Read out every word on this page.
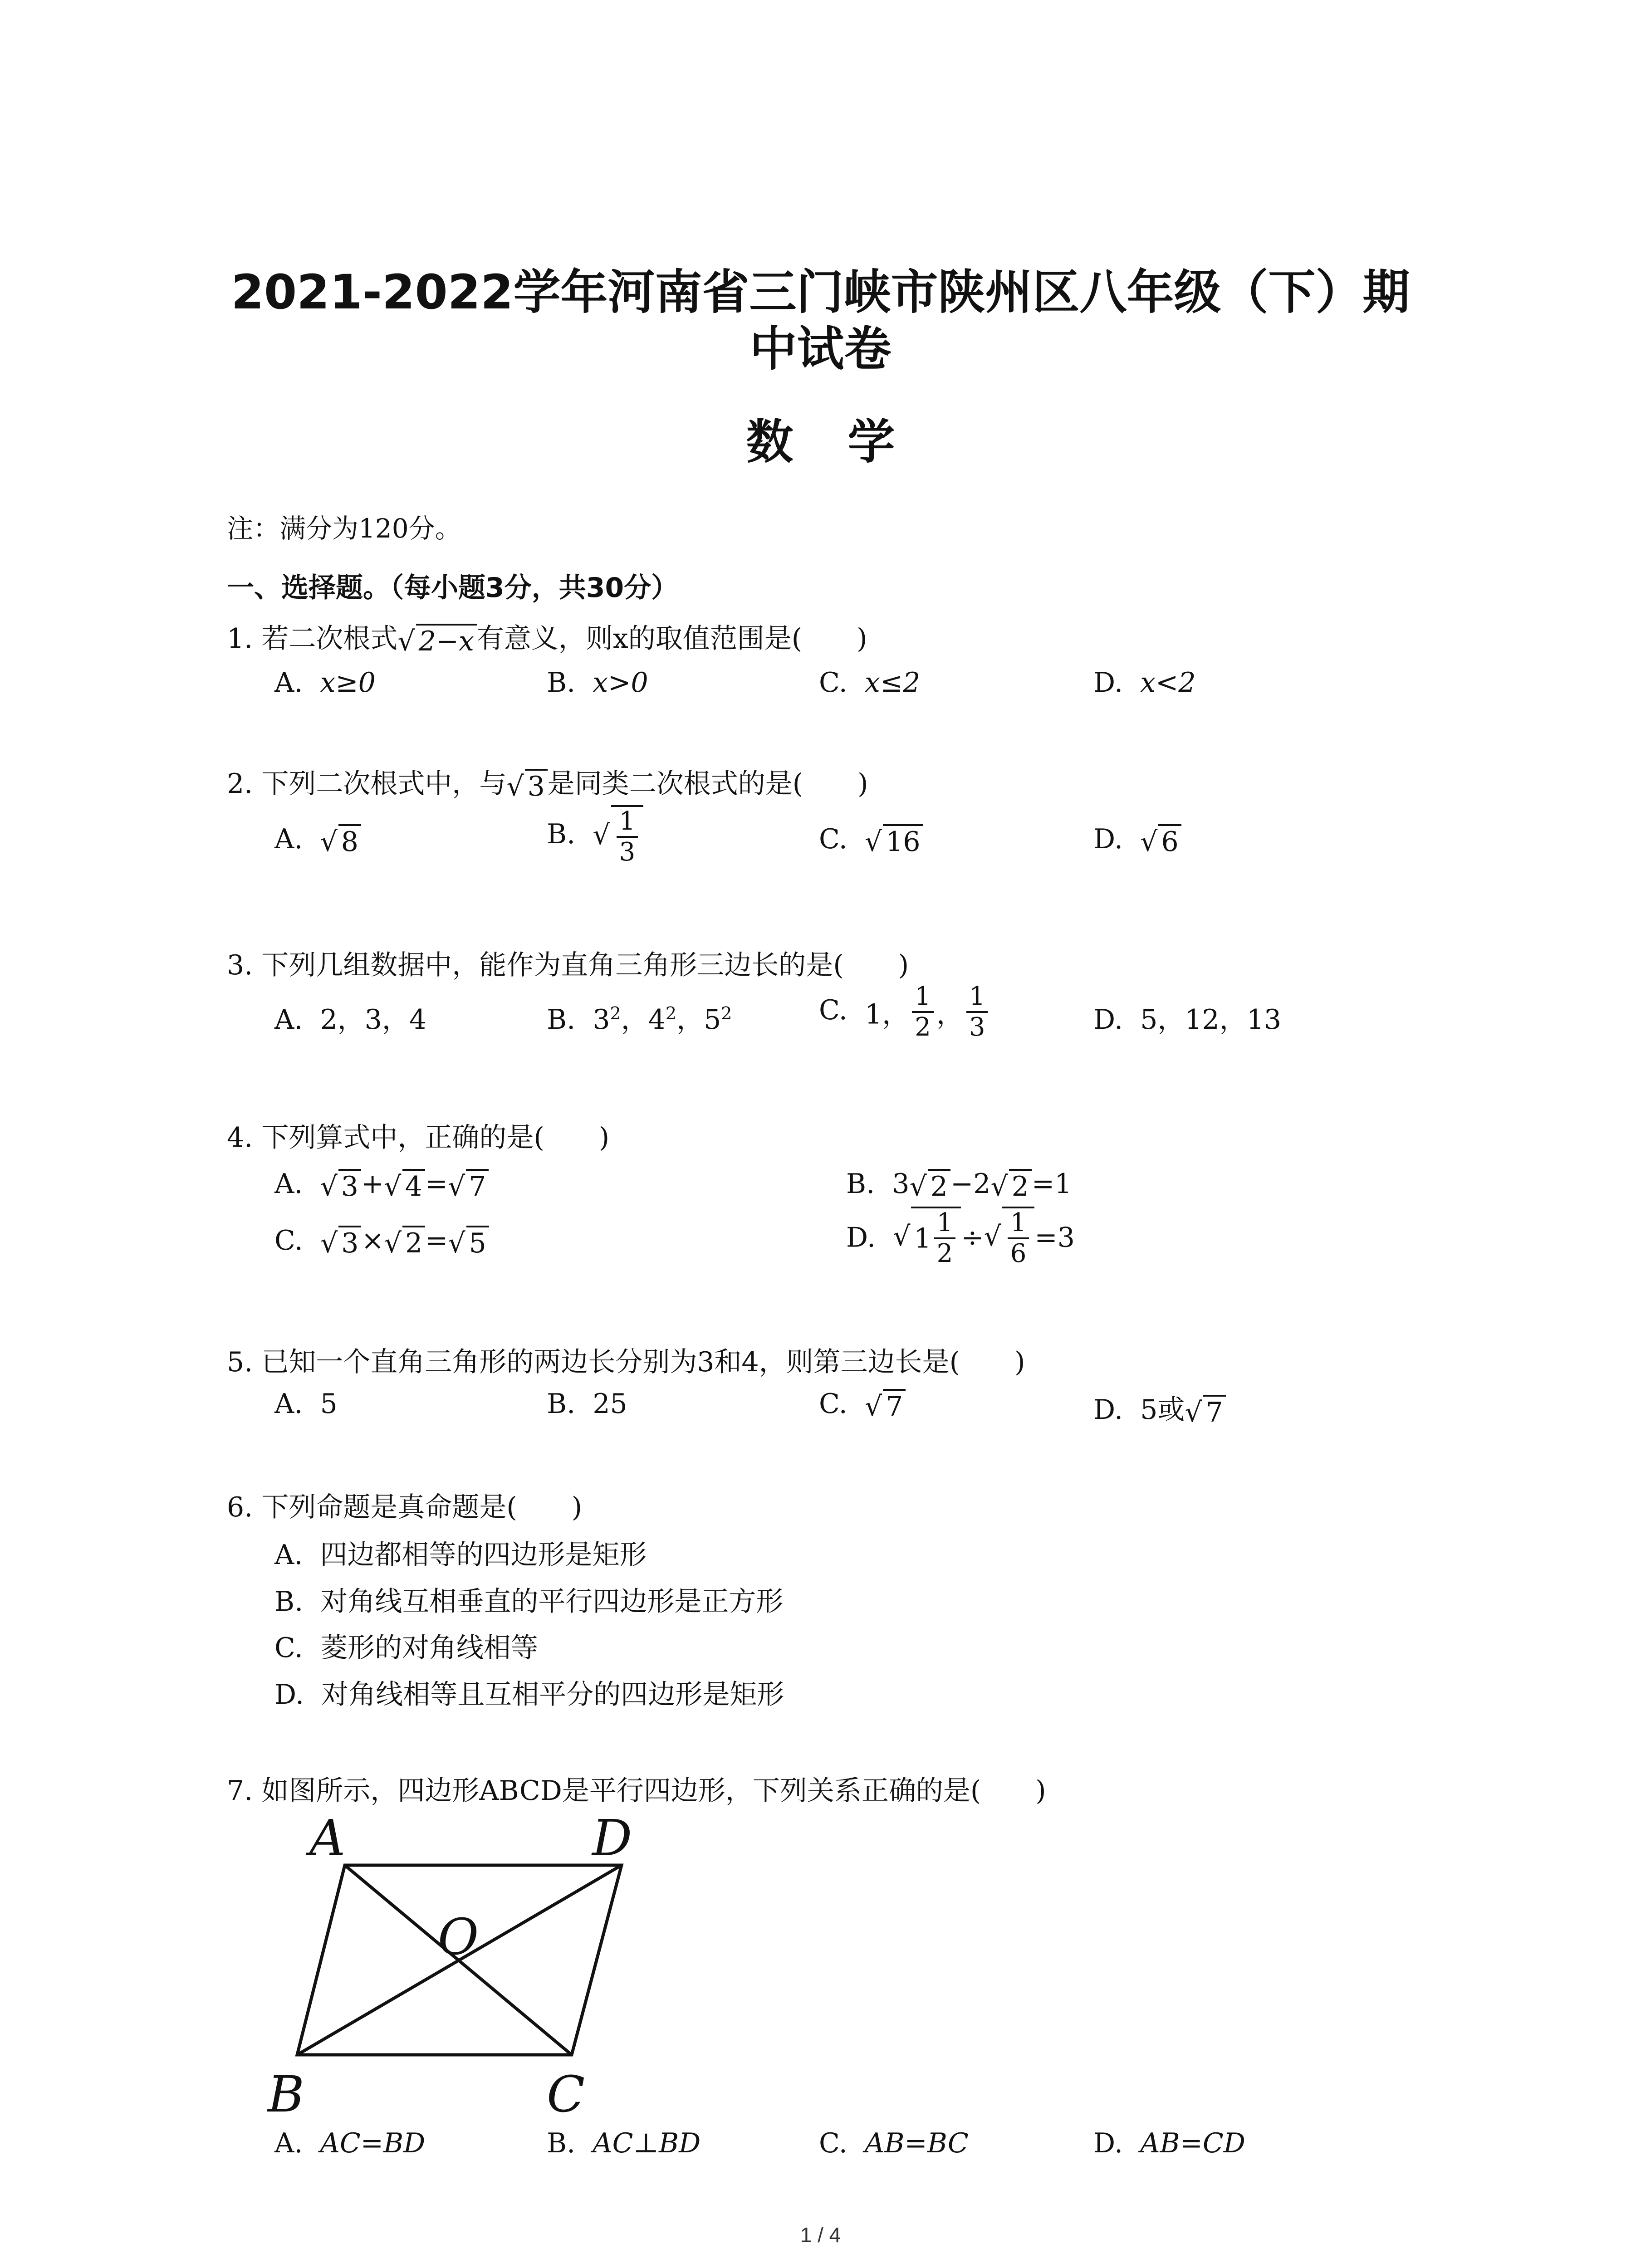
2021-2022学年河南省三门峡市陕州区八年级（下）期
中试卷
数学
注：满分为120分。
一、选择题。（每小题3分，共30分）
1. 若二次根式√ 2−x 有意义，则x的取值范围是(　　)
A. x≥0	B. x>0	C. x≤2	D. x<2
2. 下列二次根式中，与√ 3 是同类二次根式的是(　　)
A. √ 8	B. √ $\frac{1}{3}$	C. √ 16	D. √ 6
3. 下列几组数据中，能作为直角三角形三边长的是(　　)
A. 2，3，4	B. $3^2$，$4^2$，$5^2$	C. 1， $\frac{1}{2}$ ， $\frac{1}{3}$	D. 5，12，13
4. 下列算式中，正确的是(　　)
A. √ 3 +√ 4 =√ 7	B. 3√ 2 −2√ 2 =1
C. √ 3 ×√ 2 =√ 5	D. √ $1 \frac{1}{2}$ ÷√ $\frac{1}{6} =3$
5. 已知一个直角三角形的两边长分别为3和4，则第三边长是(　　)
A. 5	B. 25	C. √ 7	D. 5或√ 7
6. 下列命题是真命题是(　　)
A. 四边都相等的四边形是矩形
B. 对角线互相垂直的平行四边形是正方形
C. 菱形的对角线相等
D. 对角线相等且互相平分的四边形是矩形
7. 如图所示，四边形ABCD是平行四边形，下列关系正确的是(　　)
A	D
O
B	C
A. AC=BD	B. AC⊥BD	C. AB=BC	D. AB=CD
1 / 4
